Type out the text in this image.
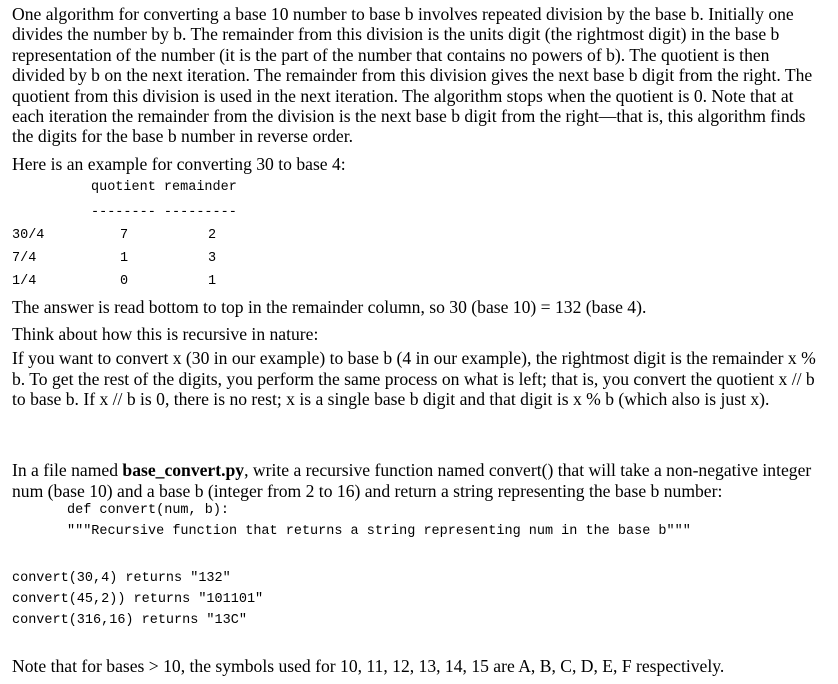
One algorithm for converting a base 10 number to base b involves repeated division by the base b. Initially one divides the number by b. The remainder from this division is the units digit (the rightmost digit) in the base b representation of the number (it is the part of the number that contains no powers of b). The quotient is then divided by b on the next iteration. The remainder from this division gives the next base b digit from the right. The quotient from this division is used in the next iteration. The algorithm stops when the quotient is 0. Note that at each iteration the remainder from the division is the next base b digit from the right—that is, this algorithm finds the digits for the base b number in reverse order.

Here is an example for converting 30 to base 4:
quotient remainder
-------- ---------
30/4	7	2
7/4	1	3
1/4	0	1
The answer is read bottom to top in the remainder column, so 30 (base 10) = 132 (base 4).
Think about how this is recursive in nature:

If you want to convert x (30 in our example) to base b (4 in our example), the rightmost digit is the remainder x % b. To get the rest of the digits, you perform the same process on what is left; that is, you convert the quotient x // b to base b. If x // b is 0, there is no rest; x is a single base b digit and that digit is x % b (which also is just x).

In a file named base_convert.py, write a recursive function named convert() that will take a non-negative integer num (base 10) and a base b (integer from 2 to 16) and return a string representing the base b number:

def convert(num, b):
"""Recursive function that returns a string representing num in the base b"""
convert(30,4) returns "132"
convert(45,2)) returns "101101"
convert(316,16) returns "13C"
Note that for bases > 10, the symbols used for 10, 11, 12, 13, 14, 15 are A, B, C, D, E, F respectively.
